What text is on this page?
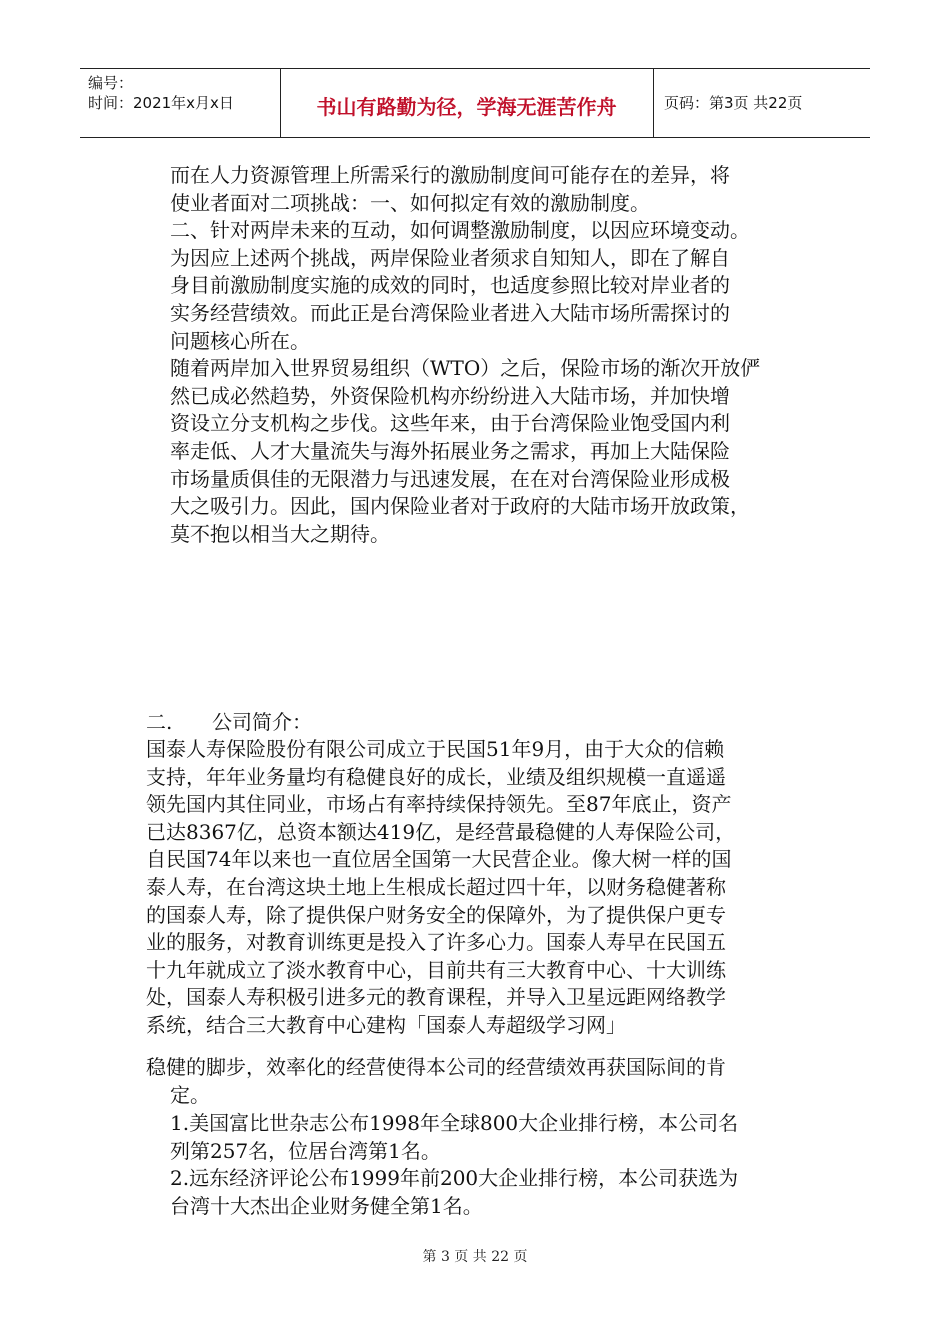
编号：
时间：2021年x月x日	书山有路勤为径，学海无涯苦作舟	页码：第3页 共22页
而在人力资源管理上所需采行的激励制度间可能存在的差异，将
使业者面对二项挑战：一、如何拟定有效的激励制度。
二、针对两岸未来的互动，如何调整激励制度，以因应环境变动。
为因应上述两个挑战，两岸保险业者须求自知知人，即在了解自
身目前激励制度实施的成效的同时，也适度参照比较对岸业者的
实务经营绩效。而此正是台湾保险业者进入大陆市场所需探讨的
问题核心所在。
随着两岸加入世界贸易组织（WTO）之后，保险市场的渐次开放俨
然已成必然趋势，外资保险机构亦纷纷进入大陆市场，并加快增
资设立分支机构之步伐。这些年来，由于台湾保险业饱受国内利
率走低、人才大量流失与海外拓展业务之需求，再加上大陆保险
市场量质俱佳的无限潜力与迅速发展，在在对台湾保险业形成极
大之吸引力。因此，国内保险业者对于政府的大陆市场开放政策，
莫不抱以相当大之期待。
二. 公司简介：
国泰人寿保险股份有限公司成立于民国51年9月，由于大众的信赖
支持，年年业务量均有稳健良好的成长，业绩及组织规模一直遥遥
领先国内其住同业，市场占有率持续保持领先。至87年底止，资产
已达8367亿，总资本额达419亿，是经营最稳健的人寿保险公司，
自民国74年以来也一直位居全国第一大民营企业。像大树一样的国
泰人寿，在台湾这块土地上生根成长超过四十年，以财务稳健著称
的国泰人寿，除了提供保户财务安全的保障外，为了提供保户更专
业的服务，对教育训练更是投入了许多心力。国泰人寿早在民国五
十九年就成立了淡水教育中心，目前共有三大教育中心、十大训练
处，国泰人寿积极引进多元的教育课程，并导入卫星远距网络教学
系统，结合三大教育中心建构「国泰人寿超级学习网」
稳健的脚步，效率化的经营使得本公司的经营绩效再获国际间的肯
定。
1.美国富比世杂志公布1998年全球800大企业排行榜，本公司名
列第257名，位居台湾第1名。
2.远东经济评论公布1999年前200大企业排行榜，本公司获选为
台湾十大杰出企业财务健全第1名。
第 3 页 共 22 页
